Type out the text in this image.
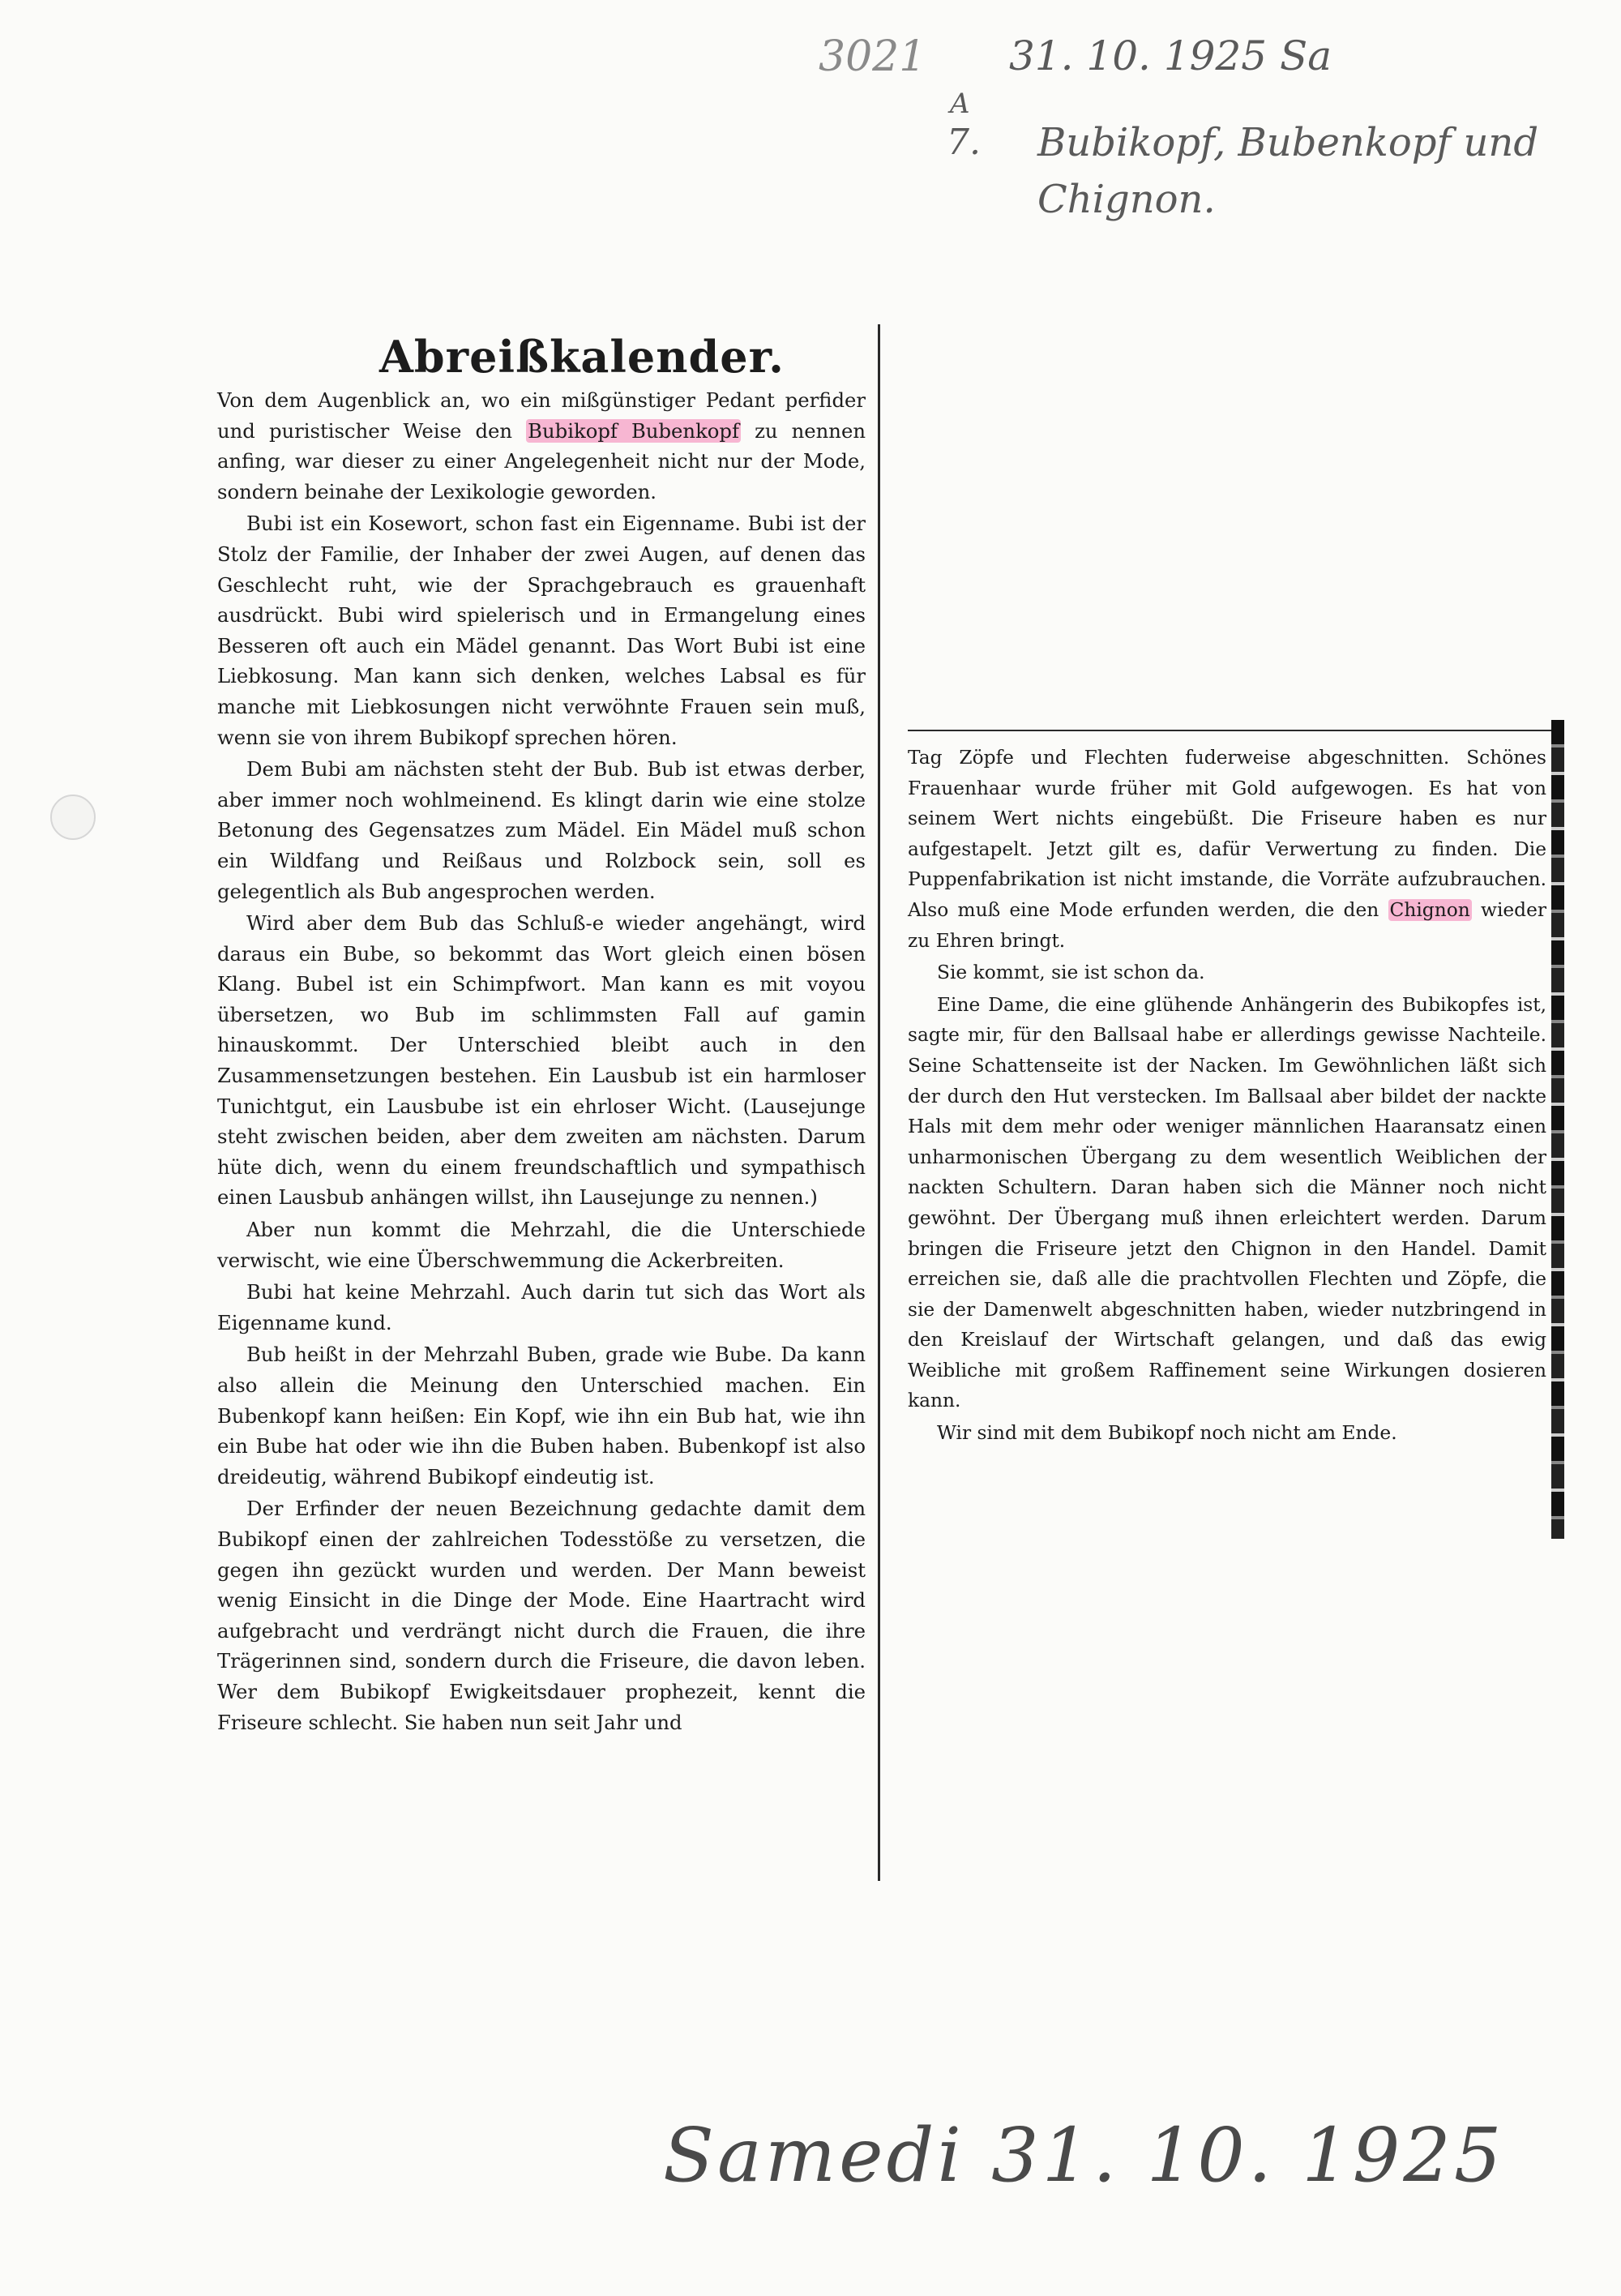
3021 31. 10. 1925 Sa
A
7. Bubikopf, Bubenkopf und
Chignon.
Abreißkalender.

Von dem Augenblick an, wo ein mißgünstiger Pedant perfider und puristischer Weise den Bubikopf Bubenkopf zu nennen anfing, war dieser zu einer Angelegenheit nicht nur der Mode, sondern beinahe der Lexikologie geworden.

Bubi ist ein Kosewort, schon fast ein Eigenname. Bubi ist der Stolz der Familie, der Inhaber der zwei Augen, auf denen das Geschlecht ruht, wie der Sprachgebrauch es grauenhaft ausdrückt. Bubi wird spielerisch und in Ermangelung eines Besseren oft auch ein Mädel genannt. Das Wort Bubi ist eine Liebkosung. Man kann sich denken, welches Labsal es für manche mit Liebkosungen nicht verwöhnte Frauen sein muß, wenn sie von ihrem Bubikopf sprechen hören.

Dem Bubi am nächsten steht der Bub. Bub ist etwas derber, aber immer noch wohlmeinend. Es klingt darin wie eine stolze Betonung des Gegensatzes zum Mädel. Ein Mädel muß schon ein Wildfang und Reißaus und Rolzbock sein, soll es gelegentlich als Bub angesprochen werden.

Wird aber dem Bub das Schluß-e wieder angehängt, wird daraus ein Bube, so bekommt das Wort gleich einen bösen Klang. Bubel ist ein Schimpfwort. Man kann es mit voyou übersetzen, wo Bub im schlimmsten Fall auf gamin hinauskommt. Der Unterschied bleibt auch in den Zusammensetzungen bestehen. Ein Lausbub ist ein harmloser Tunichtgut, ein Lausbube ist ein ehrloser Wicht. (Lausejunge steht zwischen beiden, aber dem zweiten am nächsten. Darum hüte dich, wenn du einem freundschaftlich und sympathisch einen Lausbub anhängen willst, ihn Lausejunge zu nennen.)

Aber nun kommt die Mehrzahl, die die Unterschiede verwischt, wie eine Überschwemmung die Ackerbreiten.

Bubi hat keine Mehrzahl. Auch darin tut sich das Wort als Eigenname kund.

Bub heißt in der Mehrzahl Buben, grade wie Bube. Da kann also allein die Meinung den Unterschied machen. Ein Bubenkopf kann heißen: Ein Kopf, wie ihn ein Bub hat, wie ihn ein Bube hat oder wie ihn die Buben haben. Bubenkopf ist also dreideutig, während Bubikopf eindeutig ist.

Der Erfinder der neuen Bezeichnung gedachte damit dem Bubikopf einen der zahlreichen Todesstöße zu versetzen, die gegen ihn gezückt wurden und werden. Der Mann beweist wenig Einsicht in die Dinge der Mode. Eine Haartracht wird aufgebracht und verdrängt nicht durch die Frauen, die ihre Trägerinnen sind, sondern durch die Friseure, die davon leben. Wer dem Bubikopf Ewigkeitsdauer prophezeit, kennt die Friseure schlecht. Sie haben nun seit Jahr und

Tag Zöpfe und Flechten fuderweise abgeschnitten. Schönes Frauenhaar wurde früher mit Gold aufgewogen. Es hat von seinem Wert nichts eingebüßt. Die Friseure haben es nur aufgestapelt. Jetzt gilt es, dafür Verwertung zu finden. Die Puppenfabrikation ist nicht imstande, die Vorräte aufzubrauchen. Also muß eine Mode erfunden werden, die den Chignon wieder zu Ehren bringt.

Sie kommt, sie ist schon da.

Eine Dame, die eine glühende Anhängerin des Bubikopfes ist, sagte mir, für den Ballsaal habe er allerdings gewisse Nachteile. Seine Schattenseite ist der Nacken. Im Gewöhnlichen läßt sich der durch den Hut verstecken. Im Ballsaal aber bildet der nackte Hals mit dem mehr oder weniger männlichen Haaransatz einen unharmonischen Übergang zu dem wesentlich Weiblichen der nackten Schultern. Daran haben sich die Männer noch nicht gewöhnt. Der Übergang muß ihnen erleichtert werden. Darum bringen die Friseure jetzt den Chignon in den Handel. Damit erreichen sie, daß alle die prachtvollen Flechten und Zöpfe, die sie der Damenwelt abgeschnitten haben, wieder nutzbringend in den Kreislauf der Wirtschaft gelangen, und daß das ewig Weibliche mit großem Raffinement seine Wirkungen dosieren kann.

Wir sind mit dem Bubikopf noch nicht am Ende.

Samedi 31. 10. 1925
